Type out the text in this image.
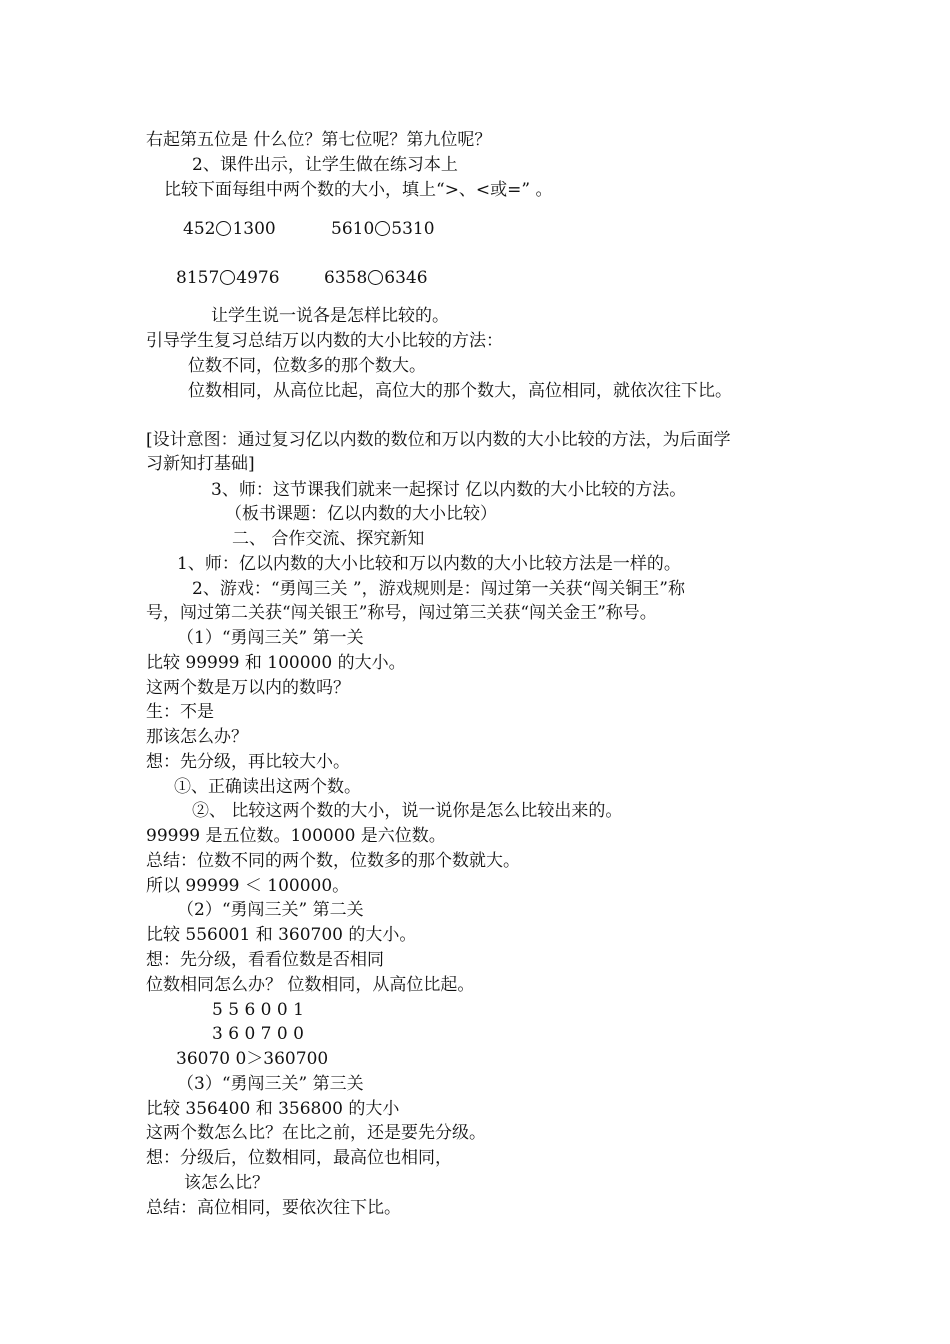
右起第五位是 什么位？第七位呢？第九位呢？
2、课件出示，让学生做在练习本上
比较下面每组中两个数的大小，填上“>、<或=” 。
452 1300	5610 5310
8157 4976	6358 6346
让学生说一说各是怎样比较的。
引导学生复习总结万以内数的大小比较的方法：
位数不同，位数多的那个数大。
位数相同，从高位比起，高位大的那个数大，高位相同，就依次往下比。
[设计意图：通过复习亿以内数的数位和万以内数的大小比较的方法，为后面学
习新知打基础]
3、师：这节课我们就来一起探讨 亿以内数的大小比较的方法。
（板书课题：亿以内数的大小比较）
二、 合作交流、探究新知
1、师：亿以内数的大小比较和万以内数的大小比较方法是一样的。
2、游戏：“勇闯三关 ”，游戏规则是：闯过第一关获“闯关铜王”称
号，闯过第二关获“闯关银王”称号，闯过第三关获“闯关金王”称号。
（1）“勇闯三关” 第一关
比较 99999 和 100000 的大小。
这两个数是万以内的数吗？
生：不是
那该怎么办？
想：先分级，再比较大小。
①、正确读出这两个数。
②、 比较这两个数的大小，说一说你是怎么比较出来的。
99999 是五位数。100000 是六位数。
总结：位数不同的两个数，位数多的那个数就大。
所以 99999 ＜ 100000。
（2）“勇闯三关” 第二关
比较 556001 和 360700 的大小。
想：先分级，看看位数是否相同
位数相同怎么办？ 位数相同，从高位比起。
5 5 6 0 0 1
3 6 0 7 0 0
36070 0＞360700
（3）“勇闯三关” 第三关
比较 356400 和 356800 的大小
这两个数怎么比？在比之前，还是要先分级。
想：分级后，位数相同，最高位也相同，
该怎么比？
总结：高位相同，要依次往下比。
